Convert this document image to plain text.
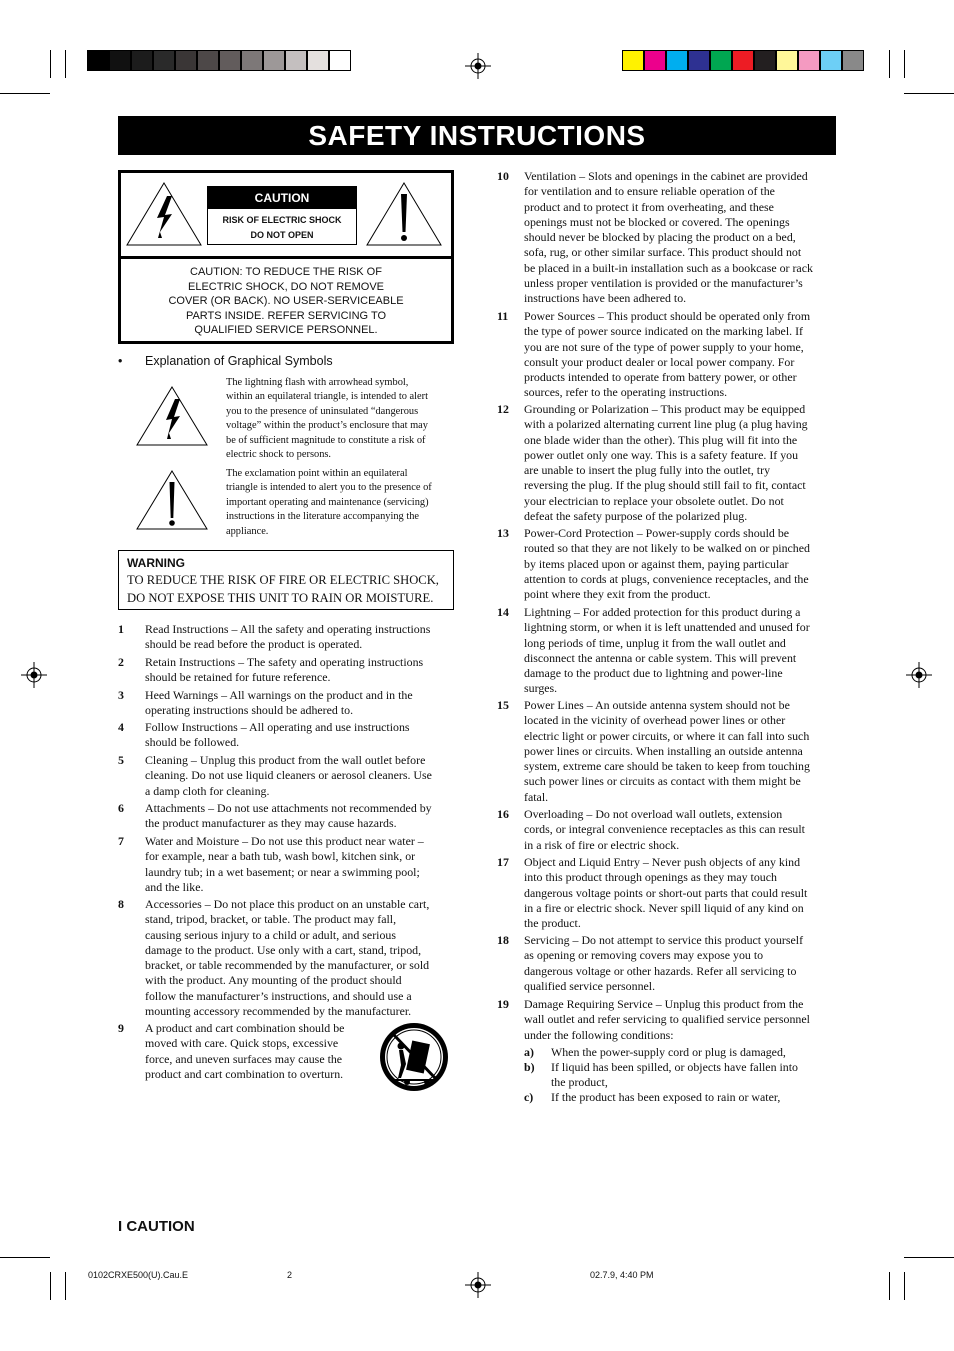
SAFETY INSTRUCTIONS
CAUTION
RISK OF ELECTRIC SHOCK
DO NOT OPEN
CAUTION: TO REDUCE THE RISK OF
ELECTRIC SHOCK, DO NOT REMOVE
COVER (OR BACK). NO USER-SERVICEABLE
PARTS INSIDE. REFER SERVICING TO
QUALIFIED SERVICE PERSONNEL.
• Explanation of Graphical Symbols
The lightning flash with arrowhead symbol,
within an equilateral triangle, is intended to alert
you to the presence of uninsulated “dangerous
voltage” within the product’s enclosure that may
be of sufficient magnitude to constitute a risk of
electric shock to persons.
The exclamation point within an equilateral
triangle is intended to alert you to the presence of
important operating and maintenance (servicing)
instructions in the literature accompanying the
appliance.
WARNING
TO REDUCE THE RISK OF FIRE OR ELECTRIC SHOCK,
DO NOT EXPOSE THIS UNIT TO RAIN OR MOISTURE.
1 Read Instructions – All the safety and operating instructions
should be read before the product is operated.
2 Retain Instructions – The safety and operating instructions
should be retained for future reference.
3 Heed Warnings – All warnings on the product and in the
operating instructions should be adhered to.
4 Follow Instructions – All operating and use instructions
should be followed.
5 Cleaning – Unplug this product from the wall outlet before
cleaning. Do not use liquid cleaners or aerosol cleaners. Use
a damp cloth for cleaning.
6 Attachments – Do not use attachments not recommended by
the product manufacturer as they may cause hazards.
7 Water and Moisture – Do not use this product near water –
for example, near a bath tub, wash bowl, kitchen sink, or
laundry tub; in a wet basement; or near a swimming pool;
and the like.
8 Accessories – Do not place this product on an unstable cart,
stand, tripod, bracket, or table. The product may fall,
causing serious injury to a child or adult, and serious
damage to the product. Use only with a cart, stand, tripod,
bracket, or table recommended by the manufacturer, or sold
with the product. Any mounting of the product should
follow the manufacturer’s instructions, and should use a
mounting accessory recommended by the manufacturer.
9 A product and cart combination should be
moved with care. Quick stops, excessive
force, and uneven surfaces may cause the
product and cart combination to overturn.
10 Ventilation – Slots and openings in the cabinet are provided
for ventilation and to ensure reliable operation of the
product and to protect it from overheating, and these
openings must not be blocked or covered. The openings
should never be blocked by placing the product on a bed,
sofa, rug, or other similar surface. This product should not
be placed in a built-in installation such as a bookcase or rack
unless proper ventilation is provided or the manufacturer’s
instructions have been adhered to.
11 Power Sources – This product should be operated only from
the type of power source indicated on the marking label. If
you are not sure of the type of power supply to your home,
consult your product dealer or local power company. For
products intended to operate from battery power, or other
sources, refer to the operating instructions.
12 Grounding or Polarization – This product may be equipped
with a polarized alternating current line plug (a plug having
one blade wider than the other). This plug will fit into the
power outlet only one way. This is a safety feature. If you
are unable to insert the plug fully into the outlet, try
reversing the plug. If the plug should still fail to fit, contact
your electrician to replace your obsolete outlet. Do not
defeat the safety purpose of the polarized plug.
13 Power-Cord Protection – Power-supply cords should be
routed so that they are not likely to be walked on or pinched
by items placed upon or against them, paying particular
attention to cords at plugs, convenience receptacles, and the
point where they exit from the product.
14 Lightning – For added protection for this product during a
lightning storm, or when it is left unattended and unused for
long periods of time, unplug it from the wall outlet and
disconnect the antenna or cable system. This will prevent
damage to the product due to lightning and power-line
surges.
15 Power Lines – An outside antenna system should not be
located in the vicinity of overhead power lines or other
electric light or power circuits, or where it can fall into such
power lines or circuits. When installing an outside antenna
system, extreme care should be taken to keep from touching
such power lines or circuits as contact with them might be
fatal.
16 Overloading – Do not overload wall outlets, extension
cords, or integral convenience receptacles as this can result
in a risk of fire or electric shock.
17 Object and Liquid Entry – Never push objects of any kind
into this product through openings as they may touch
dangerous voltage points or short-out parts that could result
in a fire or electric shock. Never spill liquid of any kind on
the product.
18 Servicing – Do not attempt to service this product yourself
as opening or removing covers may expose you to
dangerous voltage or other hazards. Refer all servicing to
qualified service personnel.
19 Damage Requiring Service – Unplug this product from the
wall outlet and refer servicing to qualified service personnel
under the following conditions:
a) When the power-supply cord or plug is damaged,
b) If liquid has been spilled, or objects have fallen into
the product,
c) If the product has been exposed to rain or water,
I CAUTION
0102CRXE500(U).Cau.E	2	02.7.9, 4:40 PM
